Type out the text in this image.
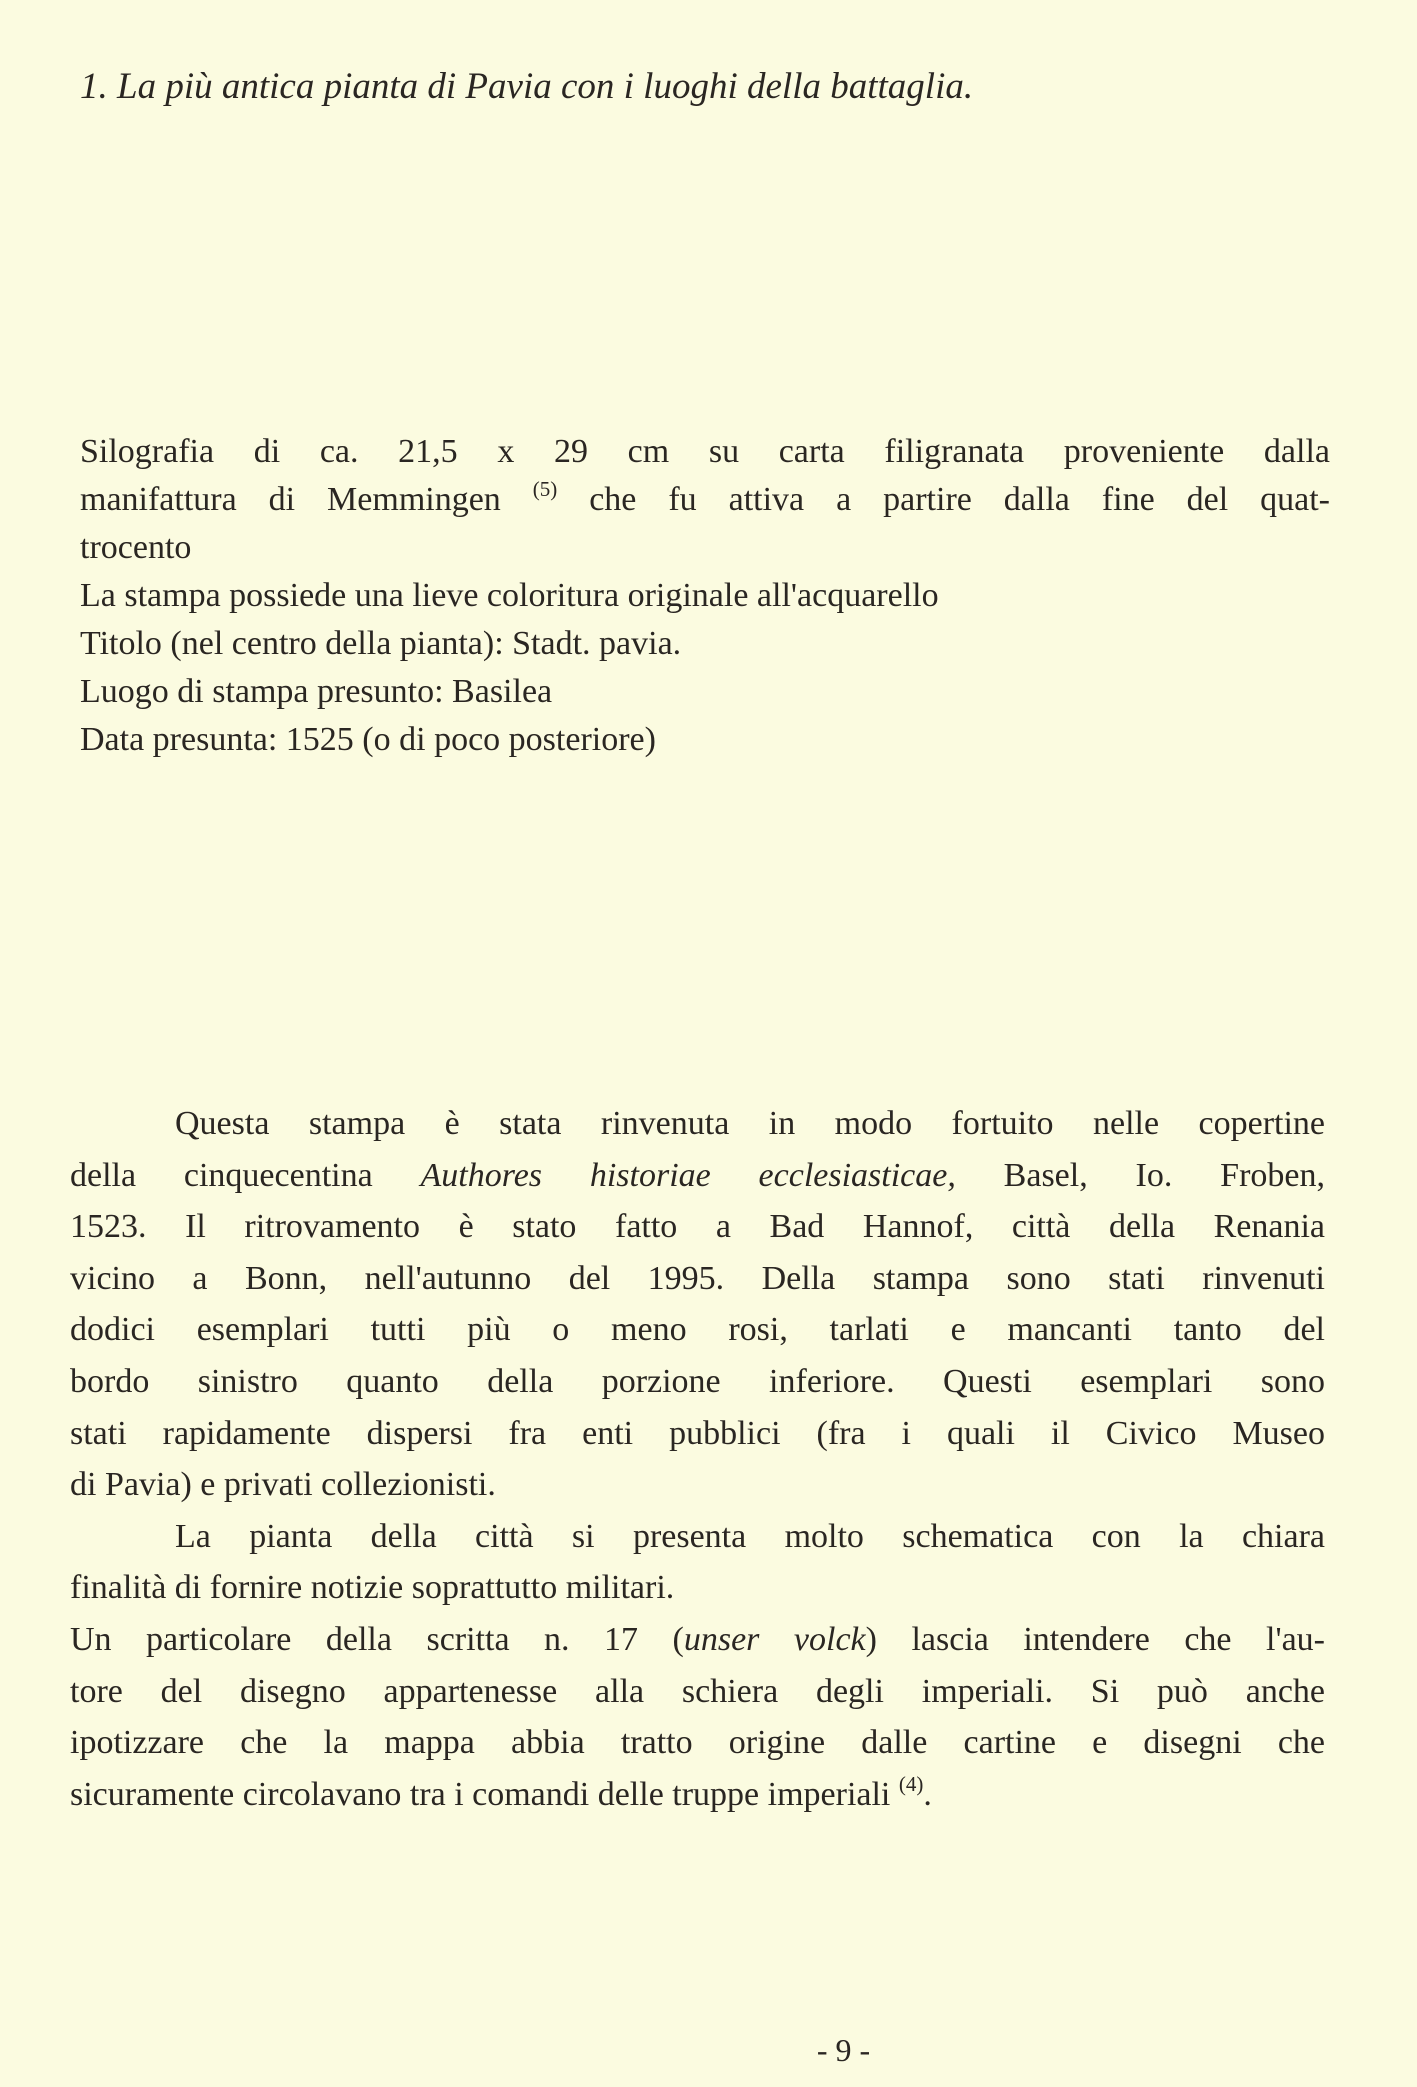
1. La più antica pianta di Pavia con i luoghi della battaglia.
Silografia di ca. 21,5 x 29 cm su carta filigranata proveniente dalla
manifattura di Memmingen $^{(5)}$ che fu attiva a partire dalla fine del quat-
trocento
La stampa possiede una lieve coloritura originale all'acquarello
Titolo (nel centro della pianta): Stadt. pavia.
Luogo di stampa presunto: Basilea
Data presunta: 1525 (o di poco posteriore)

Questa stampa è stata rinvenuta in modo fortuito nelle copertine
della cinquecentina Authores historiae ecclesiasticae, Basel, Io. Froben,
1523. Il ritrovamento è stato fatto a Bad Hannof, città della Renania
vicino a Bonn, nell'autunno del 1995. Della stampa sono stati rinvenuti
dodici esemplari tutti più o meno rosi, tarlati e mancanti tanto del
bordo sinistro quanto della porzione inferiore. Questi esemplari sono
stati rapidamente dispersi fra enti pubblici (fra i quali il Civico Museo
di Pavia) e privati collezionisti.

La pianta della città si presenta molto schematica con la chiara
finalità di fornire notizie soprattutto militari.

Un particolare della scritta n. 17 (unser volck) lascia intendere che l'au-
tore del disegno appartenesse alla schiera degli imperiali. Si può anche
ipotizzare che la mappa abbia tratto origine dalle cartine e disegni che
sicuramente circolavano tra i comandi delle truppe imperiali $^{(4)}$.

- 9 -
